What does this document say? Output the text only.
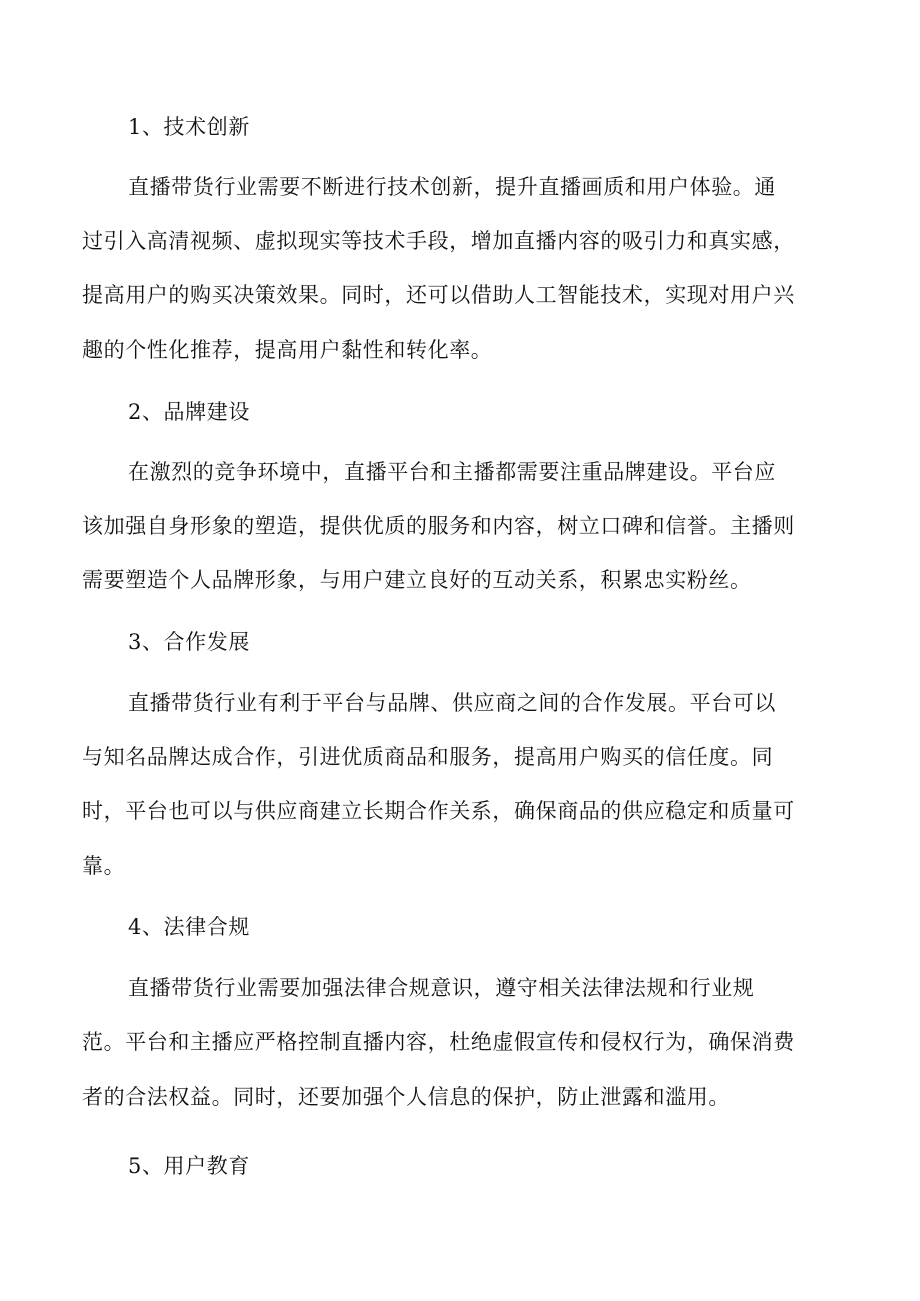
1、技术创新
直播带货行业需要不断进行技术创新，提升直播画质和用户体验。通
过引入高清视频、虚拟现实等技术手段，增加直播内容的吸引力和真实感，
提高用户的购买决策效果。同时，还可以借助人工智能技术，实现对用户兴
趣的个性化推荐，提高用户黏性和转化率。
2、品牌建设
在激烈的竞争环境中，直播平台和主播都需要注重品牌建设。平台应
该加强自身形象的塑造，提供优质的服务和内容，树立口碑和信誉。主播则
需要塑造个人品牌形象，与用户建立良好的互动关系，积累忠实粉丝。
3、合作发展
直播带货行业有利于平台与品牌、供应商之间的合作发展。平台可以
与知名品牌达成合作，引进优质商品和服务，提高用户购买的信任度。同
时，平台也可以与供应商建立长期合作关系，确保商品的供应稳定和质量可
靠。
4、法律合规
直播带货行业需要加强法律合规意识，遵守相关法律法规和行业规
范。平台和主播应严格控制直播内容，杜绝虚假宣传和侵权行为，确保消费
者的合法权益。同时，还要加强个人信息的保护，防止泄露和滥用。
5、用户教育
